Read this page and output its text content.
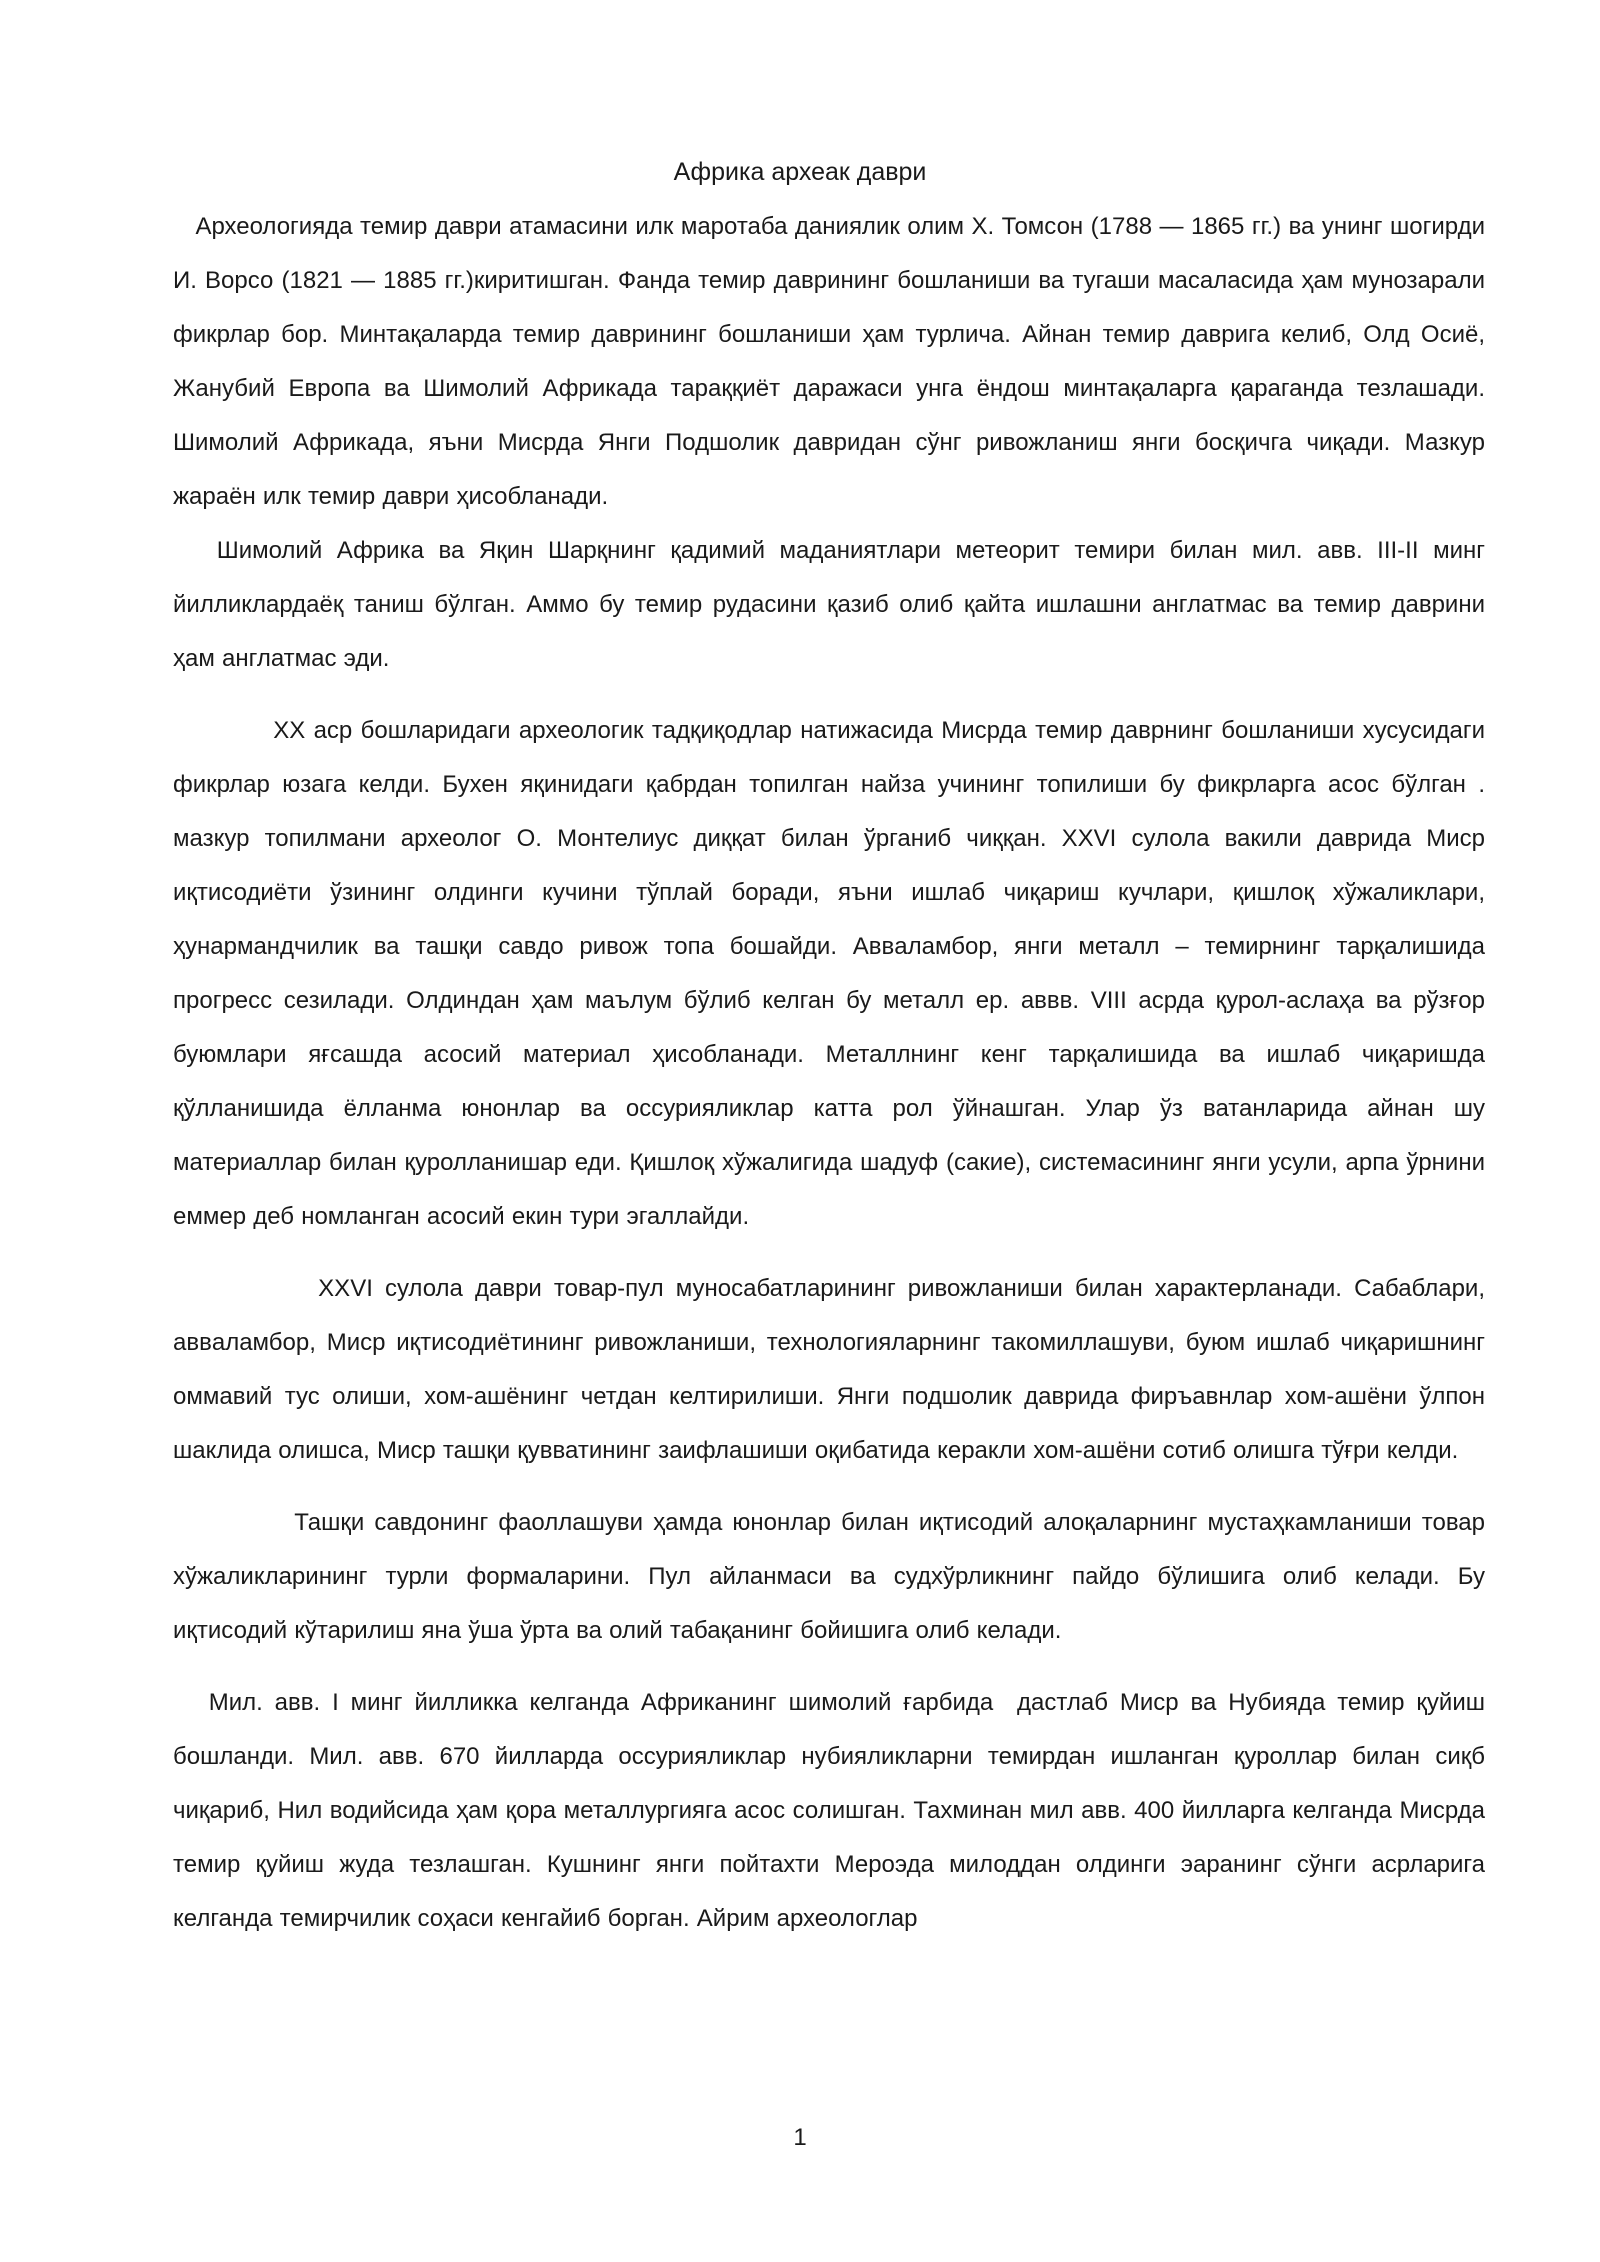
Африка археак даври

Археологияда темир даври атамасини илк маротаба даниялик олим Х. Томсон (1788 — 1865 гг.) ва унинг шогирди   И. Ворсо (1821 — 1885 гг.)киритишган. Фанда темир даврининг бошланиши ва тугаши масаласида ҳам мунозарали фикрлар бор. Минтақаларда темир даврининг бошланиши ҳам турлича. Айнан темир даврига келиб, Олд Осиё, Жанубий Европа ва Шимолий Африкада тараққиёт даражаси унга ёндош минтақаларга қараганда тезлашади. Шимолий Африкада, яъни Мисрда Янги Подшолик давридан сўнг ривожланиш янги босқичга чиқади. Мазкур жараён илк темир даври ҳисобланади.

Шимолий Африка ва Яқин Шарқнинг қадимий маданиятлари метеорит темири билан мил. авв. III-II минг йилликлардаёқ таниш бўлган. Аммо бу темир рудасини қазиб олиб қайта ишлашни англатмас ва темир даврини ҳам англатмас эди.

XX аср бошларидаги археологик тадқиқодлар натижасида Мисрда темир даврнинг бошланиши хусусидаги фикрлар юзага келди. Бухен яқинидаги қабрдан топилган найза учининг топилиши бу фикрларга асос бўлган . мазкур топилмани археолог О. Монтелиус диққат билан ўрганиб чиққан. XXVI сулола вакили даврида Миср иқтисодиёти ўзининг олдинги кучини тўплай боради, яъни ишлаб чиқариш кучлари, қишлоқ хўжаликлари, ҳунармандчилик ва ташқи савдо ривож топа бошайди. Аввaламбор, янги металл – темирнинг тарқалишида прогресс сезилади. Олдиндан ҳам маълум бўлиб келган бу металл ер. аввв. VIII асрда қурол-аслаҳа ва рўзғор буюмлари яғсашда асосий материал ҳисобланади. Металлнинг кенг тарқалишида ва ишлаб чиқаришда қўлланишида ёлланма юнонлар ва оссурияликлар катта рол ўйнашган. Улар ўз ватанларида айнан шу материаллар билан қуролланишар еди. Қишлоқ хўжалигида шадуф (сакие), системасининг янги усули, арпа ўрнини еммер деб номланган асосий екин тури эгаллайди.

XXVI сулола даври товар-пул муносабатларининг ривожланиши билан характерланади. Сабаблари, аввaламбор, Миср иқтисодиётининг ривожланиши, технологияларнинг такомиллашуви, буюм ишлаб чиқаришнинг оммавий тус олиши, хом-ашёнинг четдан келтирилиши. Янги подшолик даврида фиръавнлар хом-ашёни ўлпон шаклида олишса, Миср ташқи қувватининг заифлашиши оқибатида керакли хом-ашёни сотиб олишга тўғри келди.

Ташқи савдонинг фаоллашуви ҳамда юнонлар билан иқтисодий алоқаларнинг мустаҳкамланиши товар хўжаликларининг турли формаларини. Пул айланмаси ва судхўрликнинг пайдо бўлишига олиб келади. Бу иқтисодий кўтарилиш яна ўша ўрта ва олий табақанинг бойишига олиб келади.

Мил. авв. I минг йилликка келганда Африканинг шимолий ғарбида  дастлаб Миср ва Нубияда темир қуйиш бошланди. Мил. авв. 670 йилларда оссурияликлар нубияликларни темирдан ишланган қуроллар билан сиқб чиқариб, Нил водийсида ҳам қора металлургияга асос солишган. Тахминан мил авв. 400 йилларга келганда Мисрда темир қуйиш жуда тезлашган. Кушнинг янги пойтахти Мероэда милоддан олдинги эаранинг сўнги асрларига келганда темирчилик соҳаси кенгайиб борган. Айрим археологлар

1
